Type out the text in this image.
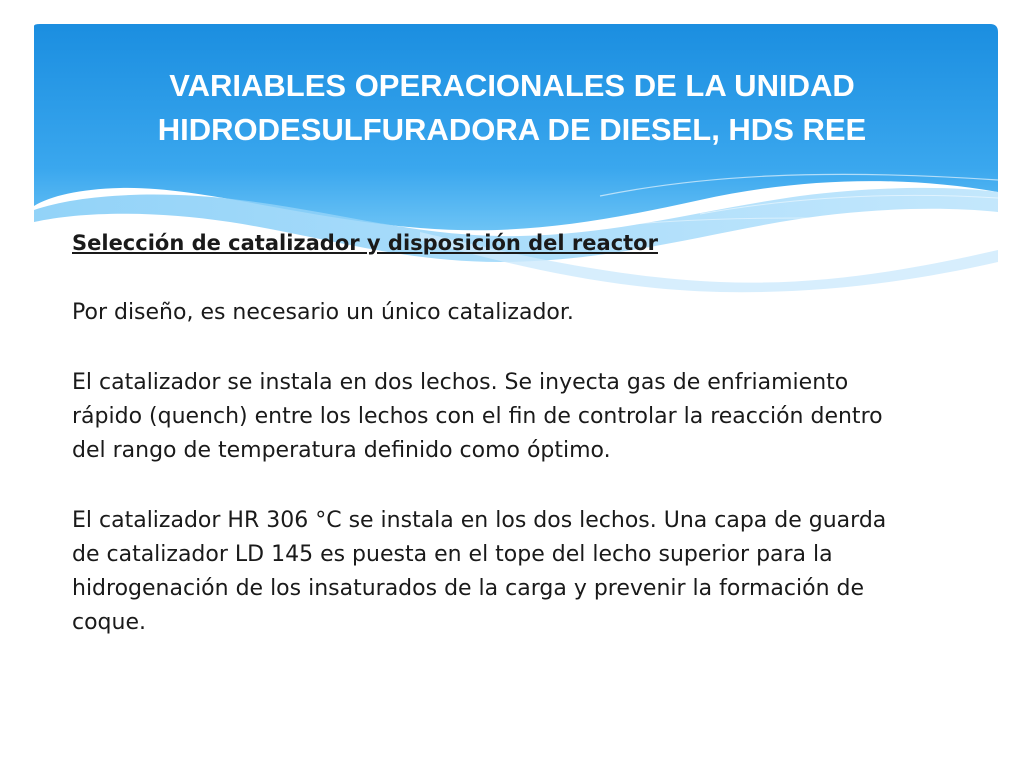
VARIABLES OPERACIONALES DE LA UNIDAD
HIDRODESULFURADORA DE DIESEL, HDS REE
Selección de catalizador y disposición del reactor

Por diseño, es necesario un único catalizador.

El catalizador se instala en dos lechos. Se inyecta gas de enfriamiento
rápido (quench) entre los lechos con el fin de controlar la reacción dentro
del rango de temperatura definido como óptimo.

El catalizador HR 306 °C se instala en los dos lechos. Una capa de guarda
de catalizador LD 145 es puesta en el tope del lecho superior para la
hidrogenación de los insaturados de la carga y prevenir la formación de
coque.
